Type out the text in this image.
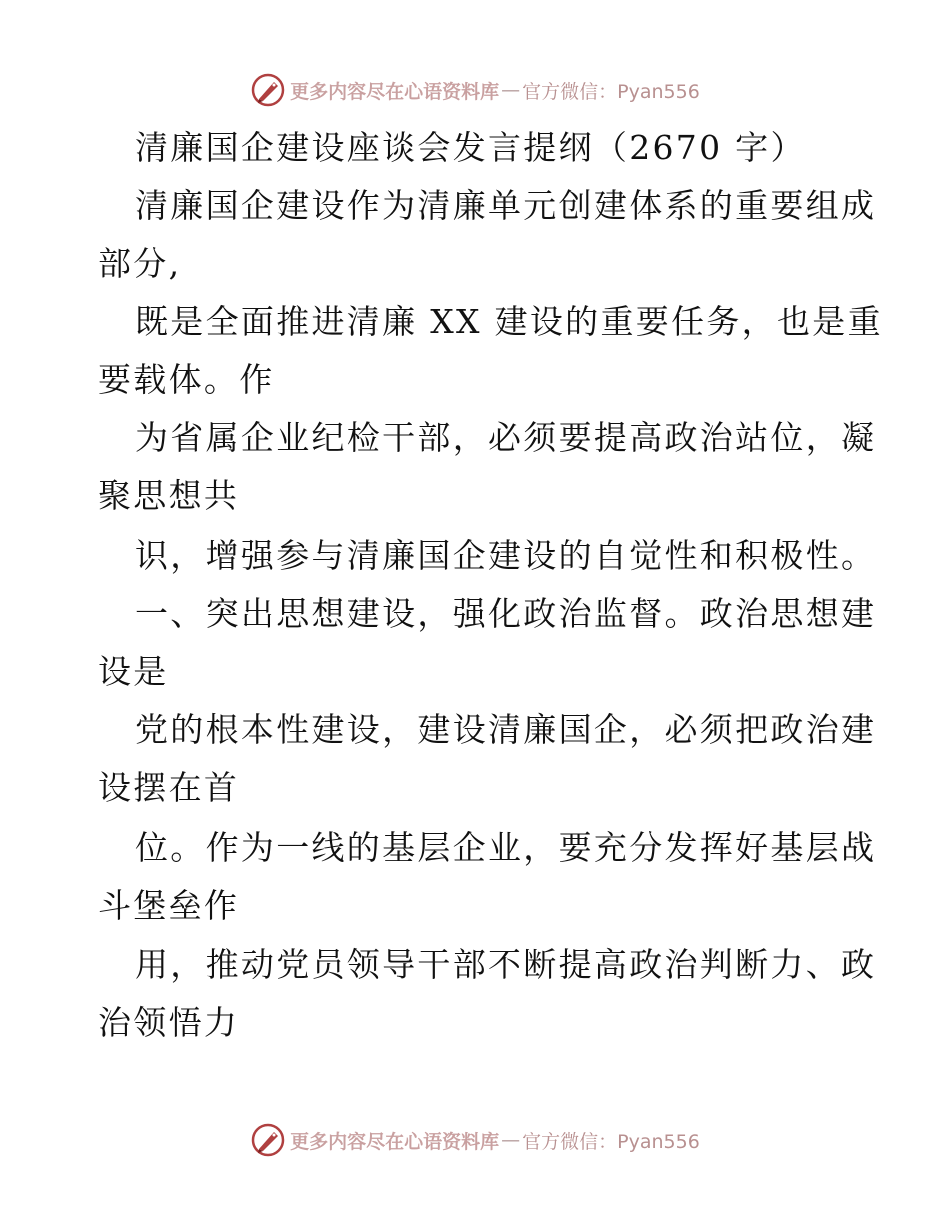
更多内容尽在心语资料库 — 官方微信：Pyan556
清廉国企建设座谈会发言提纲（2670 字）
清廉国企建设作为清廉单元创建体系的重要组成
部分,
既是全面推进清廉 XX 建设的重要任务，也是重
要载体。作
为省属企业纪检干部，必须要提高政治站位，凝
聚思想共
识，增强参与清廉国企建设的自觉性和积极性。
一、突出思想建设，强化政治监督。政治思想建
设是
党的根本性建设，建设清廉国企，必须把政治建
设摆在首
位。作为一线的基层企业，要充分发挥好基层战
斗堡垒作
用，推动党员领导干部不断提高政治判断力、政
治领悟力
更多内容尽在心语资料库 — 官方微信：Pyan556
